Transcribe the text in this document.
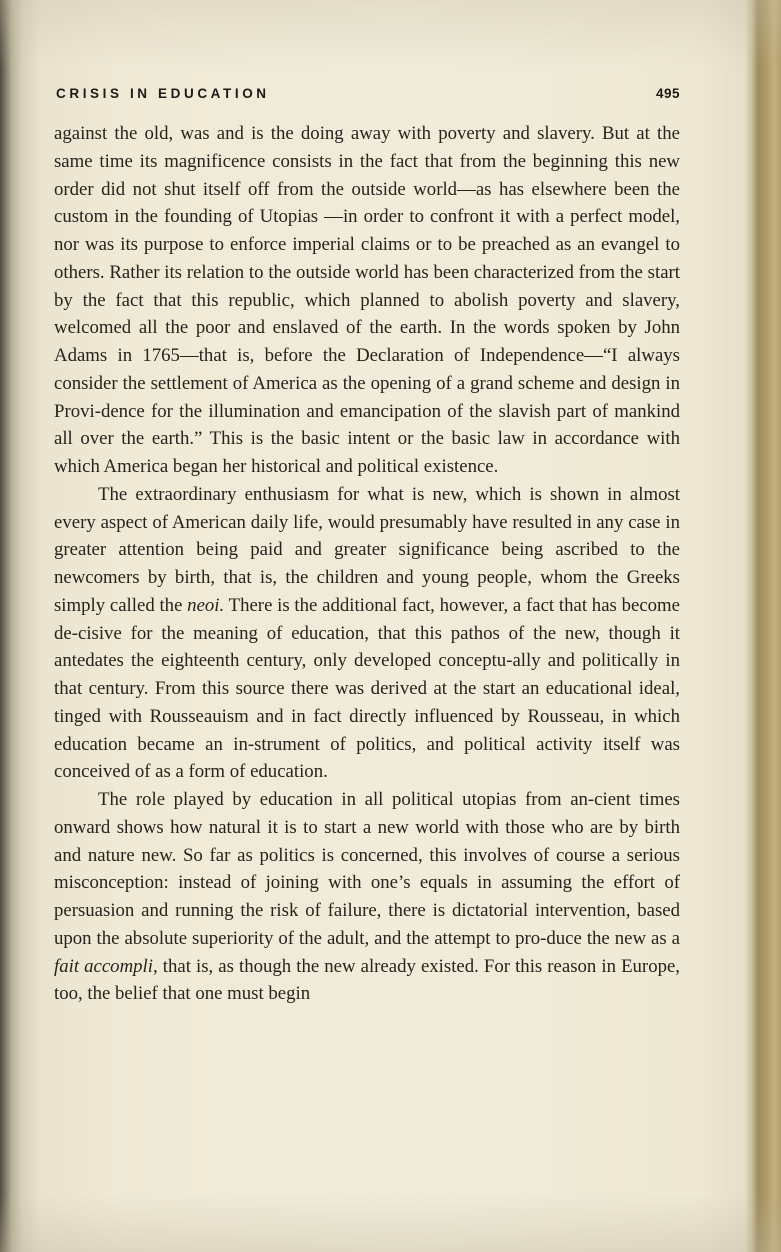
CRISIS IN EDUCATION	495

against the old, was and is the doing away with poverty and slavery. But at the same time its magnificence consists in the fact that from the beginning this new order did not shut itself off from the outside world—as has elsewhere been the custom in the founding of Utopias —in order to confront it with a perfect model, nor was its purpose to enforce imperial claims or to be preached as an evangel to others. Rather its relation to the outside world has been characterized from the start by the fact that this republic, which planned to abolish poverty and slavery, welcomed all the poor and enslaved of the earth. In the words spoken by John Adams in 1765—that is, before the Declaration of Independence—“I always consider the settlement of America as the opening of a grand scheme and design in Provi-dence for the illumination and emancipation of the slavish part of mankind all over the earth.” This is the basic intent or the basic law in accordance with which America began her historical and political existence.

The extraordinary enthusiasm for what is new, which is shown in almost every aspect of American daily life, would presumably have resulted in any case in greater attention being paid and greater significance being ascribed to the newcomers by birth, that is, the children and young people, whom the Greeks simply called the neoi. There is the additional fact, however, a fact that has become de-cisive for the meaning of education, that this pathos of the new, though it antedates the eighteenth century, only developed conceptu-ally and politically in that century. From this source there was derived at the start an educational ideal, tinged with Rousseauism and in fact directly influenced by Rousseau, in which education became an in-strument of politics, and political activity itself was conceived of as a form of education.

The role played by education in all political utopias from an-cient times onward shows how natural it is to start a new world with those who are by birth and nature new. So far as politics is concerned, this involves of course a serious misconception: instead of joining with one’s equals in assuming the effort of persuasion and running the risk of failure, there is dictatorial intervention, based upon the absolute superiority of the adult, and the attempt to pro-duce the new as a fait accompli, that is, as though the new already existed. For this reason in Europe, too, the belief that one must begin
